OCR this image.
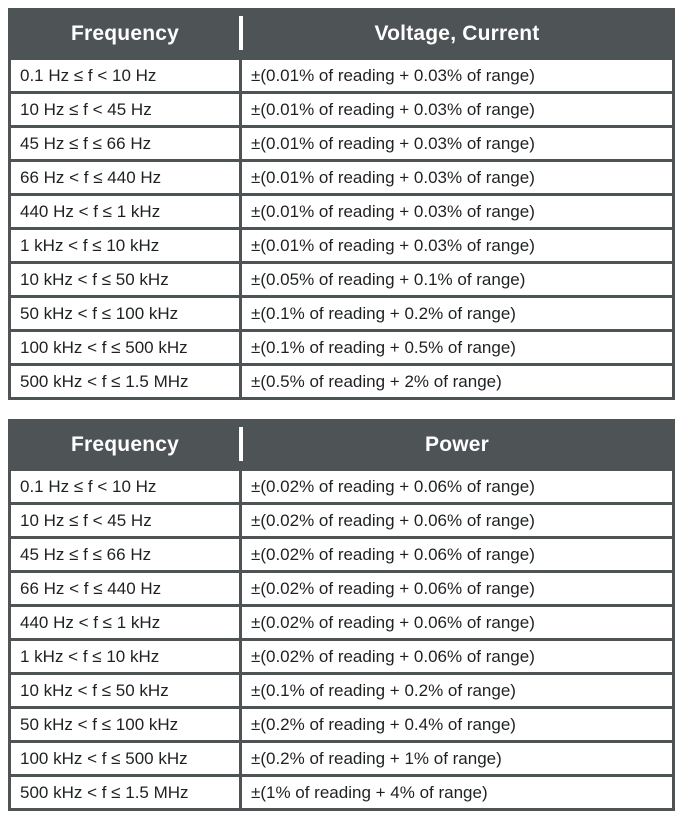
Frequency	Voltage, Current
0.1 Hz ≤ f < 10 Hz	±(0.01% of reading + 0.03% of range)
10 Hz ≤ f < 45 Hz	±(0.01% of reading + 0.03% of range)
45 Hz ≤ f ≤ 66 Hz	±(0.01% of reading + 0.03% of range)
66 Hz < f ≤ 440 Hz	±(0.01% of reading + 0.03% of range)
440 Hz < f ≤ 1 kHz	±(0.01% of reading + 0.03% of range)
1 kHz < f ≤ 10 kHz	±(0.01% of reading + 0.03% of range)
10 kHz < f ≤ 50 kHz	±(0.05% of reading + 0.1% of range)
50 kHz < f ≤ 100 kHz	±(0.1% of reading + 0.2% of range)
100 kHz < f ≤ 500 kHz	±(0.1% of reading + 0.5% of range)
500 kHz < f ≤ 1.5 MHz	±(0.5% of reading + 2% of range)
Frequency	Power
0.1 Hz ≤ f < 10 Hz	±(0.02% of reading + 0.06% of range)
10 Hz ≤ f < 45 Hz	±(0.02% of reading + 0.06% of range)
45 Hz ≤ f ≤ 66 Hz	±(0.02% of reading + 0.06% of range)
66 Hz < f ≤ 440 Hz	±(0.02% of reading + 0.06% of range)
440 Hz < f ≤ 1 kHz	±(0.02% of reading + 0.06% of range)
1 kHz < f ≤ 10 kHz	±(0.02% of reading + 0.06% of range)
10 kHz < f ≤ 50 kHz	±(0.1% of reading + 0.2% of range)
50 kHz < f ≤ 100 kHz	±(0.2% of reading + 0.4% of range)
100 kHz < f ≤ 500 kHz	±(0.2% of reading + 1% of range)
500 kHz < f ≤ 1.5 MHz	±(1% of reading + 4% of range)
